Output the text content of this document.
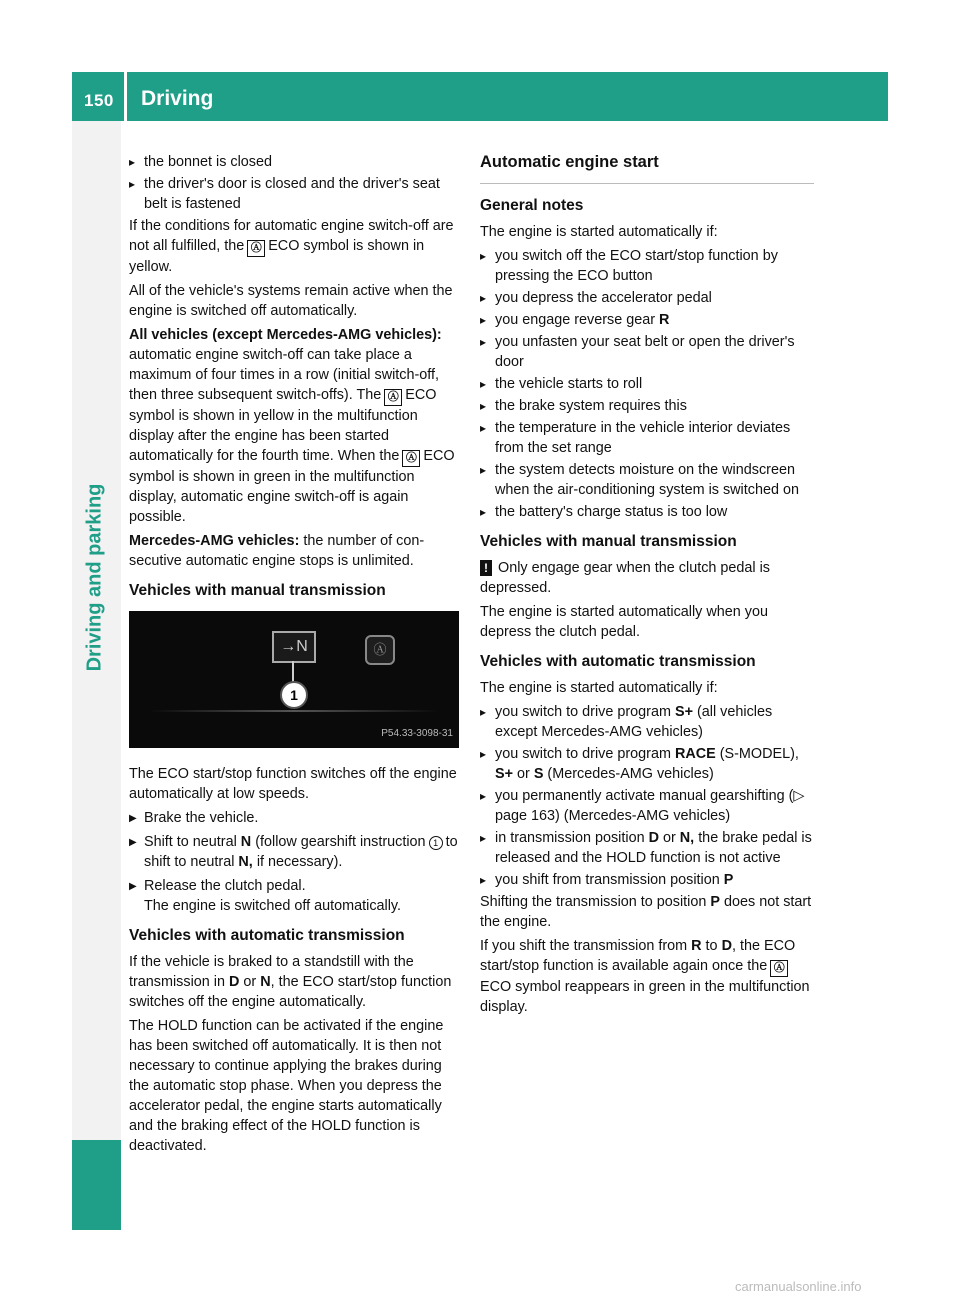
150 Driving
Driving and parking
▸ the bonnet is closed
▸ the driver's door is closed and the driver's seat belt is fastened

If the conditions for automatic engine switch-off are not all fulfilled, the Ⓐ ECO symbol is shown in yellow.

All of the vehicle's systems remain active when the engine is switched off automatically.

All vehicles (except Mercedes-AMG vehicles): automatic engine switch-off can take place a maximum of four times in a row (initial switch-off, then three subsequent switch-offs). The Ⓐ ECO symbol is shown in yellow in the multifunction display after the engine has been started automatically for the fourth time. When the Ⓐ ECO symbol is shown in green in the multifunction display, automatic engine switch-off is again possible.

Mercedes-AMG vehicles: the number of consecutive automatic engine stops is unlimited.

Vehicles with manual transmission
→N	Ⓐ
1
P54.33-3098-31

The ECO start/stop function switches off the engine automatically at low speeds.

▶ Brake the vehicle.
▶ Shift to neutral N (follow gearshift instruction 1 to shift to neutral N, if necessary).
▶ Release the clutch pedal.
The engine is switched off automatically.
Vehicles with automatic transmission

If the vehicle is braked to a standstill with the transmission in D or N, the ECO start/stop function switches off the engine automatically.

The HOLD function can be activated if the engine has been switched off automatically. It is then not necessary to continue applying the brakes during the automatic stop phase. When you depress the accelerator pedal, the engine starts automatically and the braking effect of the HOLD function is deactivated.

Automatic engine start
General notes

The engine is started automatically if:

▸ you switch off the ECO start/stop function by pressing the ECO button
▸ you depress the accelerator pedal
▸ you engage reverse gear R
▸ you unfasten your seat belt or open the driver's door
▸ the vehicle starts to roll
▸ the brake system requires this
▸ the temperature in the vehicle interior deviates from the set range
▸ the system detects moisture on the windscreen when the air-conditioning system is switched on
▸ the battery's charge status is too low
Vehicles with manual transmission

! Only engage gear when the clutch pedal is depressed.

The engine is started automatically when you depress the clutch pedal.

Vehicles with automatic transmission

The engine is started automatically if:

▸ you switch to drive program S+ (all vehicles except Mercedes-AMG vehicles)
▸ you switch to drive program RACE (S-MODEL), S+ or S (Mercedes-AMG vehicles)
▸ you permanently activate manual gearshifting (▷ page 163) (Mercedes-AMG vehicles)
▸ in transmission position D or N, the brake pedal is released and the HOLD function is not active
▸ you shift from transmission position P

Shifting the transmission to position P does not start the engine.

If you shift the transmission from R to D, the ECO start/stop function is available again once the ⒶECO symbol reappears in green in the multifunction display.

carmanualsonline.info
